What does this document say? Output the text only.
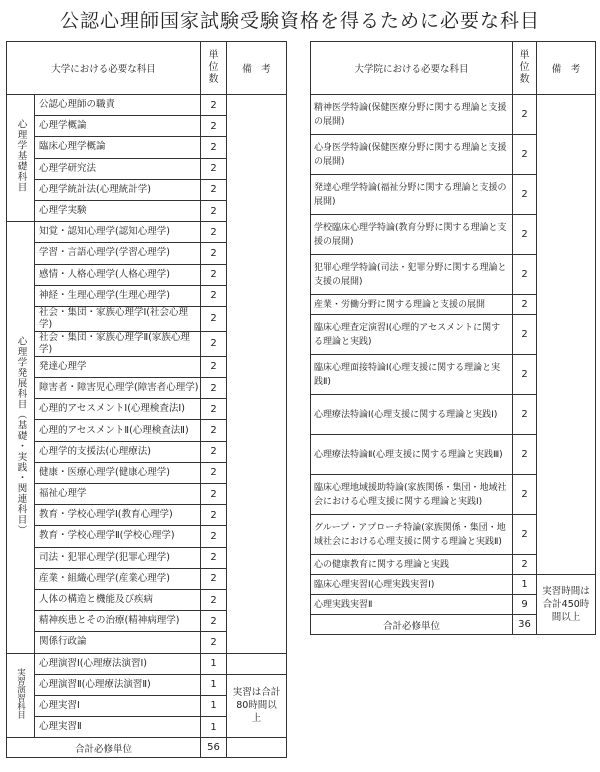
公認心理師国家試験受験資格を得るために必要な科目
大学における必要な科目		単
位
数	備　考
心理学基礎科目	公認心理師の職責	2	
	心理学概論	2	
	臨床心理学概論	2	
	心理学研究法	2	
	心理学統計法(心理統計学)	2	
	心理学実験	2	
心理学発展科目（基礎・実践・関連科目）	知覚・認知心理学(認知心理学)	2	
	学習・言語心理学(学習心理学)	2	
	感情・人格心理学(人格心理学)	2	
	神経・生理心理学(生理心理学)	2	
	社会・集団・家族心理学Ⅰ(社会心理学)	2	
	社会・集団・家族心理学Ⅱ(家族心理学)	2	
	発達心理学	2	
	障害者・障害児心理学(障害者心理学)	2	
	心理的アセスメントⅠ(心理検査法Ⅰ)	2	
	心理的アセスメントⅡ(心理検査法Ⅱ)	2	
	心理学的支援法(心理療法)	2	
	健康・医療心理学(健康心理学)	2	
	福祉心理学	2	
	教育・学校心理学Ⅰ(教育心理学)	2	
	教育・学校心理学Ⅱ(学校心理学)	2	
	司法・犯罪心理学(犯罪心理学)	2	
	産業・組織心理学(産業心理学)	2	
	人体の構造と機能及び疾病	2	
	精神疾患とその治療(精神病理学)	2	
	関係行政論	2	
実習演習科目	心理演習Ⅰ(心理療法演習Ⅰ)	1	
	心理演習Ⅱ(心理療法演習Ⅱ)	1	実習は合計
80時間以
上
	心理実習Ⅰ	1	
	心理実習Ⅱ	1	
合計必修単位		56	
大学院における必要な科目	単
位
数	備　考
精神医学特論(保健医療分野に関する理論と支援の展開)	2	
心身医学特論(保健医療分野に関する理論と支援の展開)	2	
発達心理学特論(福祉分野に関する理論と支援の展開)	2	
学校臨床心理学特論(教育分野に関する理論と支援の展開)	2	
犯罪心理学特論(司法・犯罪分野に関する理論と支援の展開)	2	
産業・労働分野に関する理論と支援の展開	2	
臨床心理査定演習Ⅰ(心理的アセスメントに関する理論と実践)	2	
臨床心理面接特論Ⅰ(心理支援に関する理論と実践Ⅱ)	2	
心理療法特論Ⅰ(心理支援に関する理論と実践Ⅰ)	2	
心理療法特論Ⅱ(心理支援に関する理論と実践Ⅲ)	2	
臨床心理地域援助特論(家族関係・集団・地域社会における心理支援に関する理論と実践Ⅰ)	2	
グループ・アプローチ特論(家族関係・集団・地域社会における心理支援に関する理論と実践Ⅱ)	2	
心の健康教育に関する理論と実践	2	
臨床心理実習Ⅰ(心理実践実習Ⅰ)	1	実習時間は
合計450時
間以上
心理実践実習Ⅱ	9	
合計必修単位	36	
